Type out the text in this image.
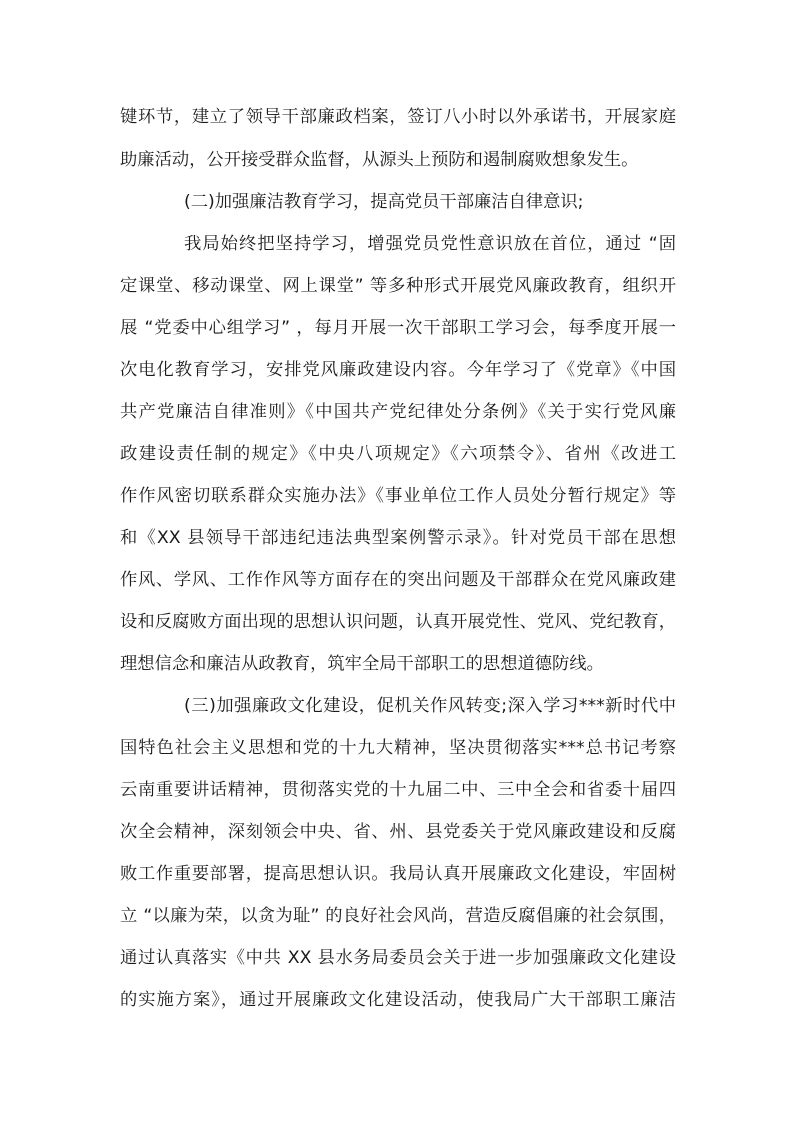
键环节，建立了领导干部廉政档案，签订八小时以外承诺书，开展家庭

助廉活动，公开接受群众监督，从源头上预防和遏制腐败想象发生。

(二)加强廉洁教育学习，提高党员干部廉洁自律意识;

我局始终把坚持学习，增强党员党性意识放在首位，通过 “固

定课堂、移动课堂、网上课堂” 等多种形式开展党风廉政教育，组织开

展 “党委中心组学习” ，每月开展一次干部职工学习会，每季度开展一

次电化教育学习，安排党风廉政建设内容。今年学习了《党章》《中国

共产党廉洁自律准则》《中国共产党纪律处分条例》《关于实行党风廉

政建设责任制的规定》《中央八项规定》《六项禁令》、省州《改进工

作作风密切联系群众实施办法》《事业单位工作人员处分暂行规定》等

和《XX 县领导干部违纪违法典型案例警示录》。针对党员干部在思想

作风、学风、工作作风等方面存在的突出问题及干部群众在党风廉政建

设和反腐败方面出现的思想认识问题，认真开展党性、党风、党纪教育，

理想信念和廉洁从政教育，筑牢全局干部职工的思想道德防线。

(三)加强廉政文化建设，促机关作风转变;深入学习***新时代中

国特色社会主义思想和党的十九大精神，坚决贯彻落实***总书记考察

云南重要讲话精神，贯彻落实党的十九届二中、三中全会和省委十届四

次全会精神，深刻领会中央、省、州、县党委关于党风廉政建设和反腐

败工作重要部署，提高思想认识。我局认真开展廉政文化建设，牢固树

立 “以廉为荣，以贪为耻” 的良好社会风尚，营造反腐倡廉的社会氛围，

通过认真落实《中共 XX 县水务局委员会关于进一步加强廉政文化建设

的实施方案》，通过开展廉政文化建设活动，使我局广大干部职工廉洁
